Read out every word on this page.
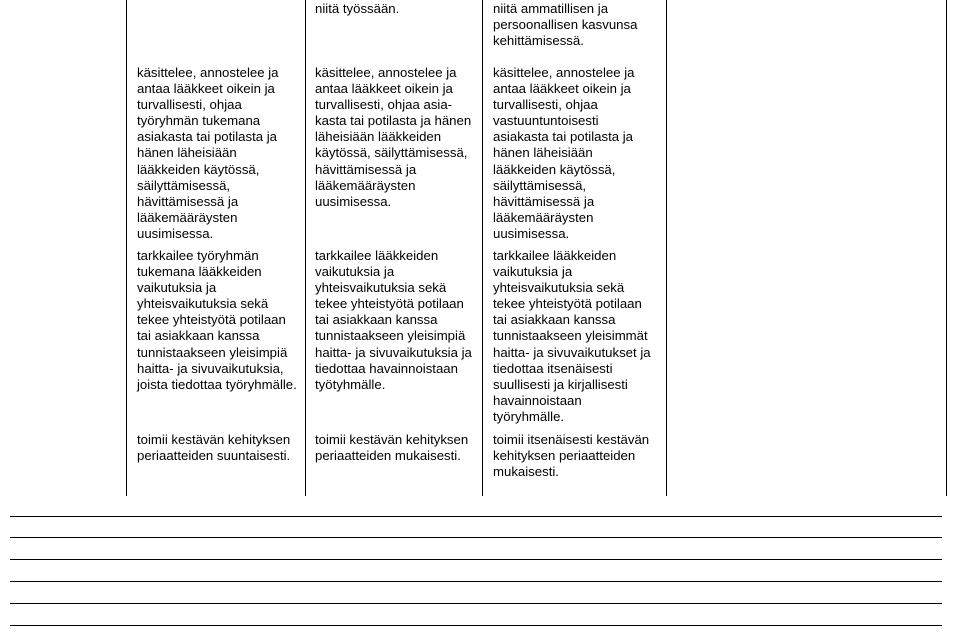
niitä työssään.	niitä ammatillisen ja
persoonallisen kasvunsa
kehittämisessä.
käsittelee, annostelee ja
antaa lääkkeet oikein ja
turvallisesti, ohjaa
työryhmän tukemana
asiakasta tai potilasta ja
hänen läheisiään
lääkkeiden käytössä,
säilyttämisessä,
hävittämisessä ja
lääkemääräysten
uusimisessa.
käsittelee, annostelee ja
antaa lääkkeet oikein ja
turvallisesti, ohjaa asia-
kasta tai potilasta ja hänen
läheisiään lääkkeiden
käytössä, säilyttämisessä,
hävittämisessä ja
lääkemääräysten
uusimisessa.
käsittelee, annostelee ja
antaa lääkkeet oikein ja
turvallisesti, ohjaa
vastuuntuntoisesti
asiakasta tai potilasta ja
hänen läheisiään
lääkkeiden käytössä,
säilyttämisessä,
hävittämisessä ja
lääkemääräysten
uusimisessa.
tarkkailee työryhmän
tukemana lääkkeiden
vaikutuksia ja
yhteisvaikutuksia sekä
tekee yhteistyötä potilaan
tai asiakkaan kanssa
tunnistaakseen yleisimpiä
haitta- ja sivuvaikutuksia,
joista tiedottaa työryhmälle.
tarkkailee lääkkeiden
vaikutuksia ja
yhteisvaikutuksia sekä
tekee yhteistyötä potilaan
tai asiakkaan kanssa
tunnistaakseen yleisimpiä
haitta- ja sivuvaikutuksia ja
tiedottaa havainnoistaan
työtyhmälle.
tarkkailee lääkkeiden
vaikutuksia ja
yhteisvaikutuksia sekä
tekee yhteistyötä potilaan
tai asiakkaan kanssa
tunnistaakseen yleisimmät
haitta- ja sivuvaikutukset ja
tiedottaa itsenäisesti
suullisesti ja kirjallisesti
havainnoistaan
työryhmälle.
toimii kestävän kehityksen
periaatteiden suuntaisesti.
toimii kestävän kehityksen
periaatteiden mukaisesti.
toimii itsenäisesti kestävän
kehityksen periaatteiden
mukaisesti.
